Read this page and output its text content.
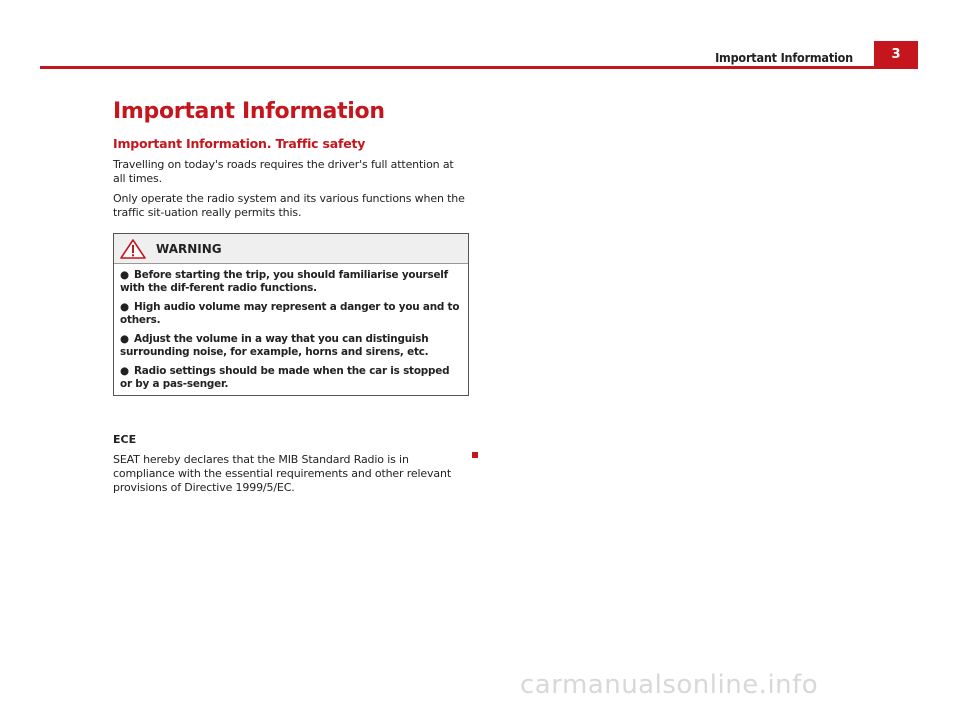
Important Information	3
Important Information
Important Information. Traffic safety

Travelling on today's roads requires the driver's full attention at all times.

Only operate the radio system and its various functions when the traffic sit-uation really permits this.

WARNING
● Before starting the trip, you should familiarise yourself with the dif-ferent radio functions.
● High audio volume may represent a danger to you and to others.
● Adjust the volume in a way that you can distinguish surrounding noise, for example, horns and sirens, etc.
● Radio settings should be made when the car is stopped or by a pas-senger.
ECE

SEAT hereby declares that the MIB Standard Radio is in compliance with the essential requirements and other relevant provisions of Directive 1999/5/EC.

carmanualsonline.info
